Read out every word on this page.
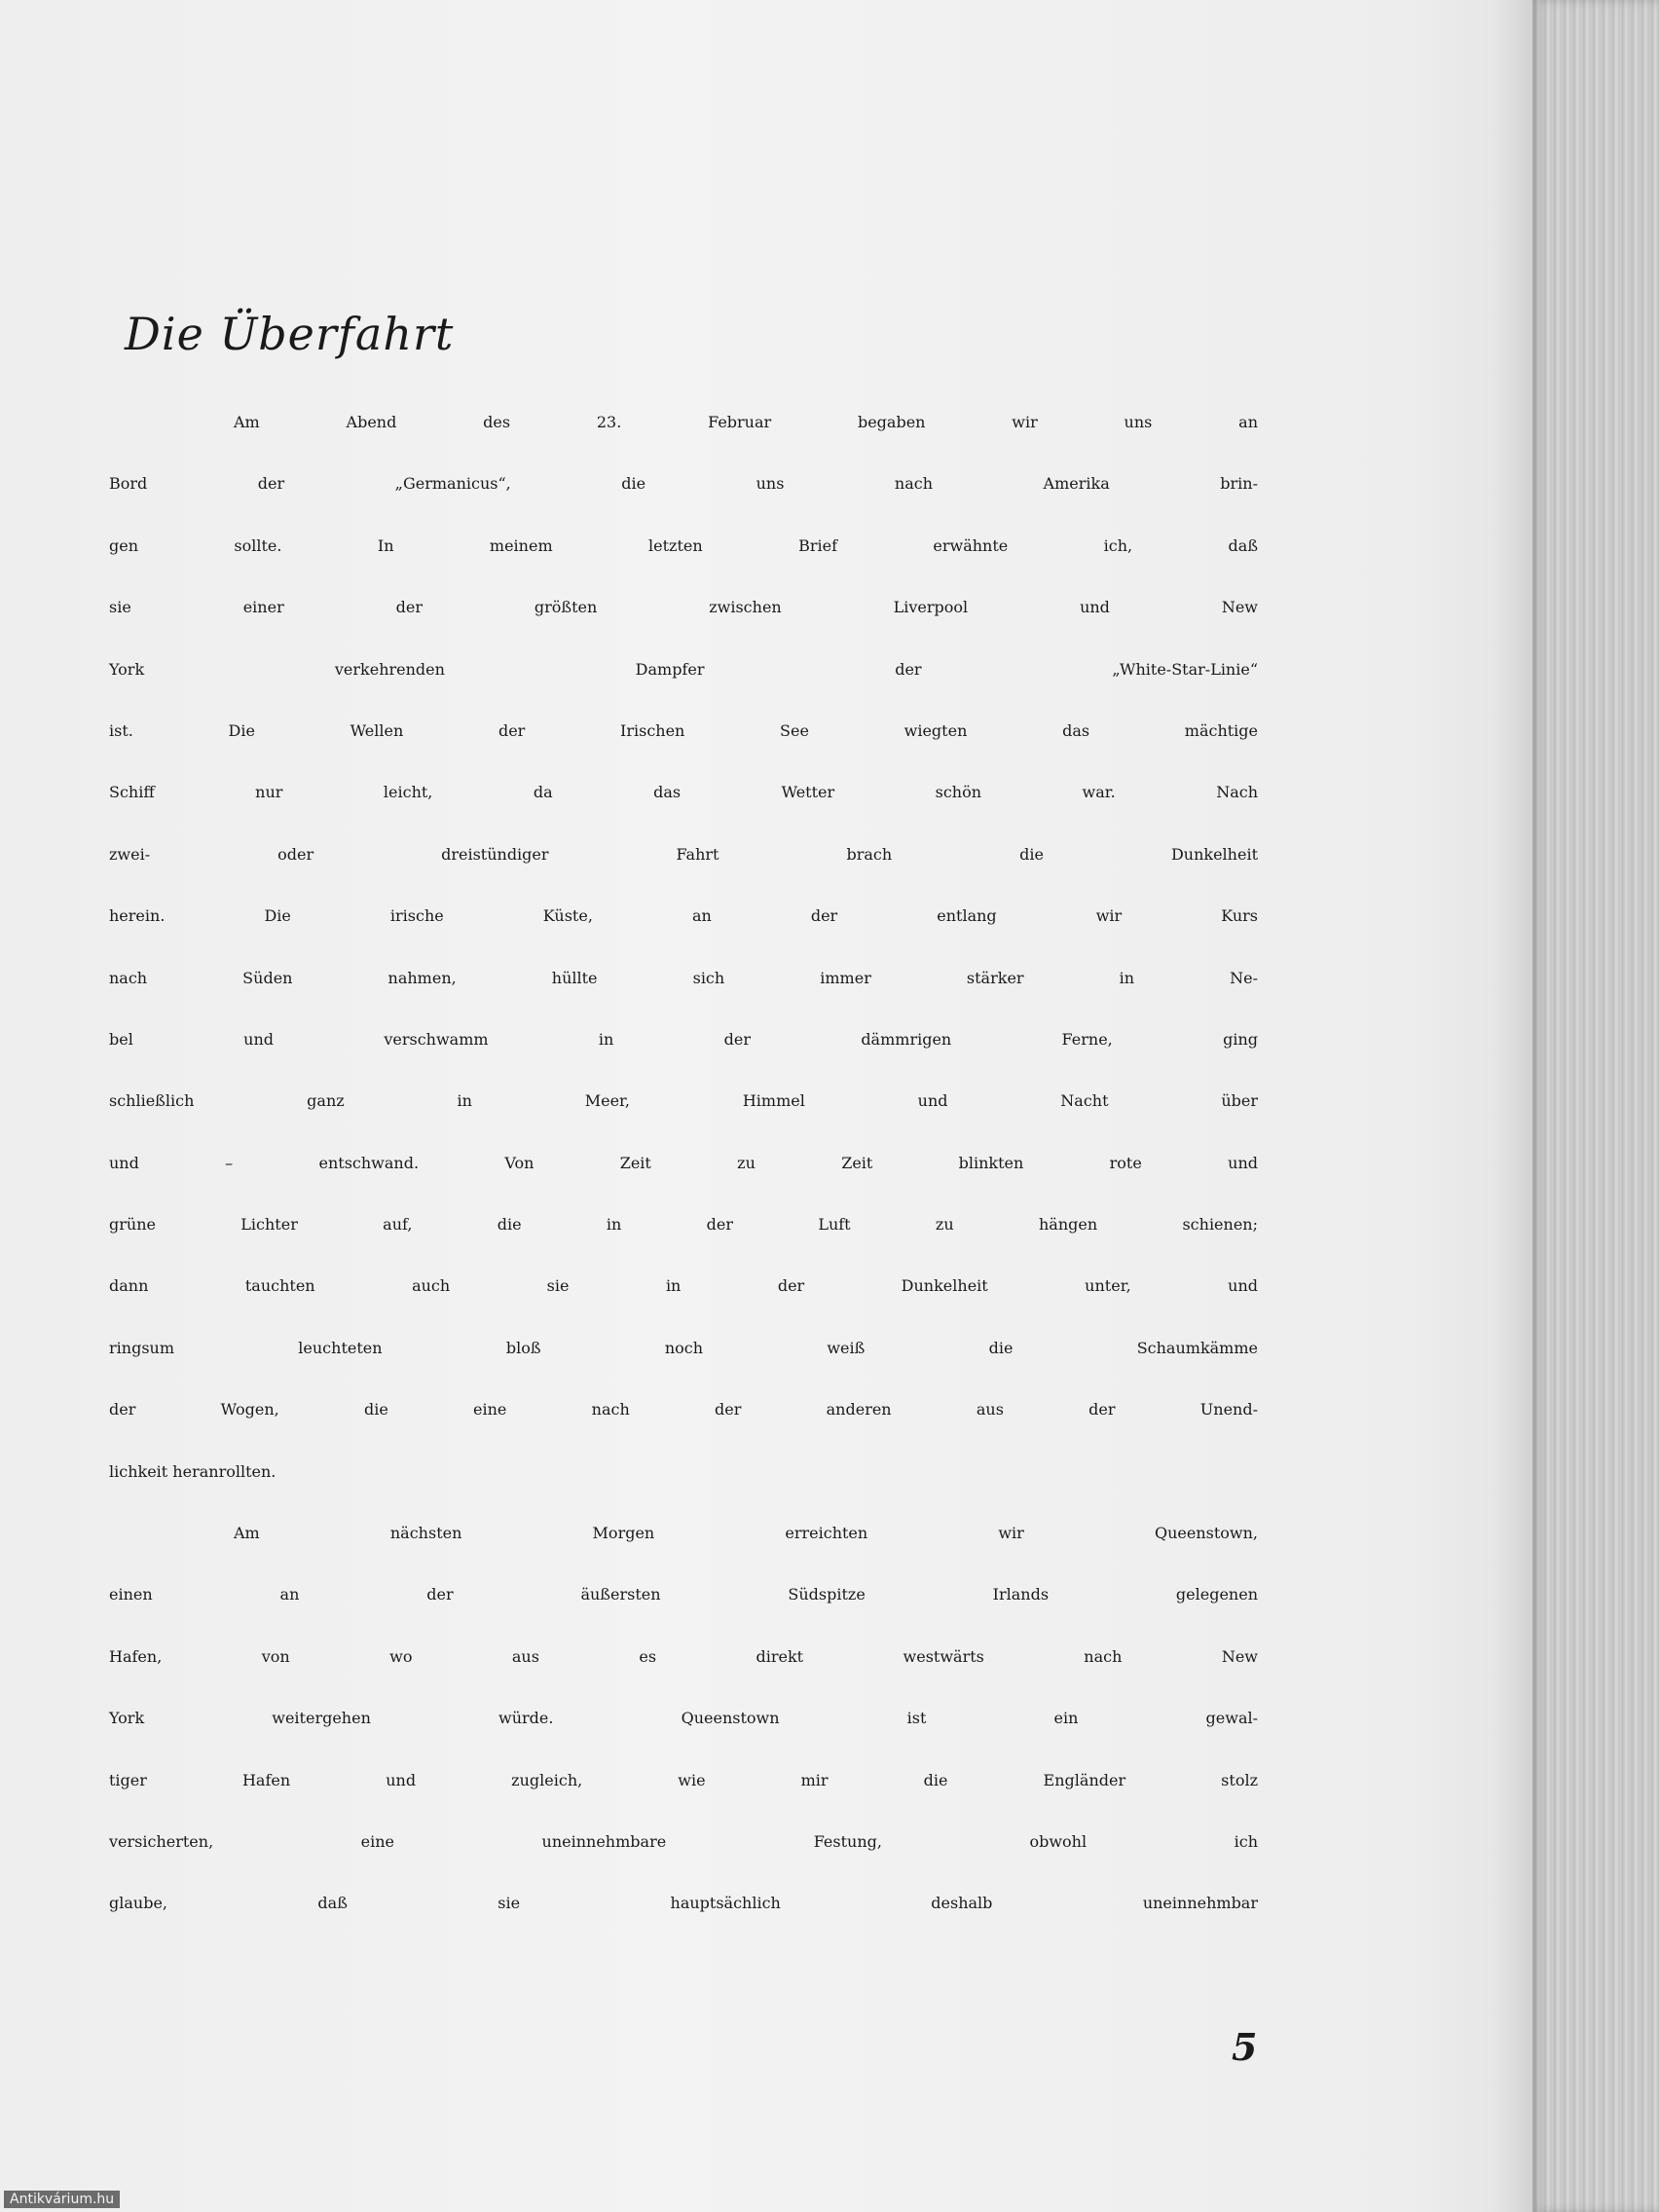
Die Überfahrt
Am Abend des 23. Februar begaben wir uns an
Bord der „Germanicus“, die uns nach Amerika brin-
gen sollte. In meinem letzten Brief erwähnte ich, daß
sie einer der größten zwischen Liverpool und New
York verkehrenden Dampfer der „White-Star-Linie“
ist. Die Wellen der Irischen See wiegten das mächtige
Schiff nur leicht, da das Wetter schön war. Nach
zwei- oder dreistündiger Fahrt brach die Dunkelheit
herein. Die irische Küste, an der entlang wir Kurs
nach Süden nahmen, hüllte sich immer stärker in Ne-
bel und verschwamm in der dämmrigen Ferne, ging
schließlich ganz in Meer, Himmel und Nacht über
und – entschwand. Von Zeit zu Zeit blinkten rote und
grüne Lichter auf, die in der Luft zu hängen schienen;
dann tauchten auch sie in der Dunkelheit unter, und
ringsum leuchteten bloß noch weiß die Schaumkämme
der Wogen, die eine nach der anderen aus der Unend-
lichkeit heranrollten.
Am nächsten Morgen erreichten wir Queenstown,
einen an der äußersten Südspitze Irlands gelegenen
Hafen, von wo aus es direkt westwärts nach New
York weitergehen würde. Queenstown ist ein gewal-
tiger Hafen und zugleich, wie mir die Engländer stolz
versicherten, eine uneinnehmbare Festung, obwohl ich
glaube, daß sie hauptsächlich deshalb uneinnehmbar
5
Antikvárium.hu
